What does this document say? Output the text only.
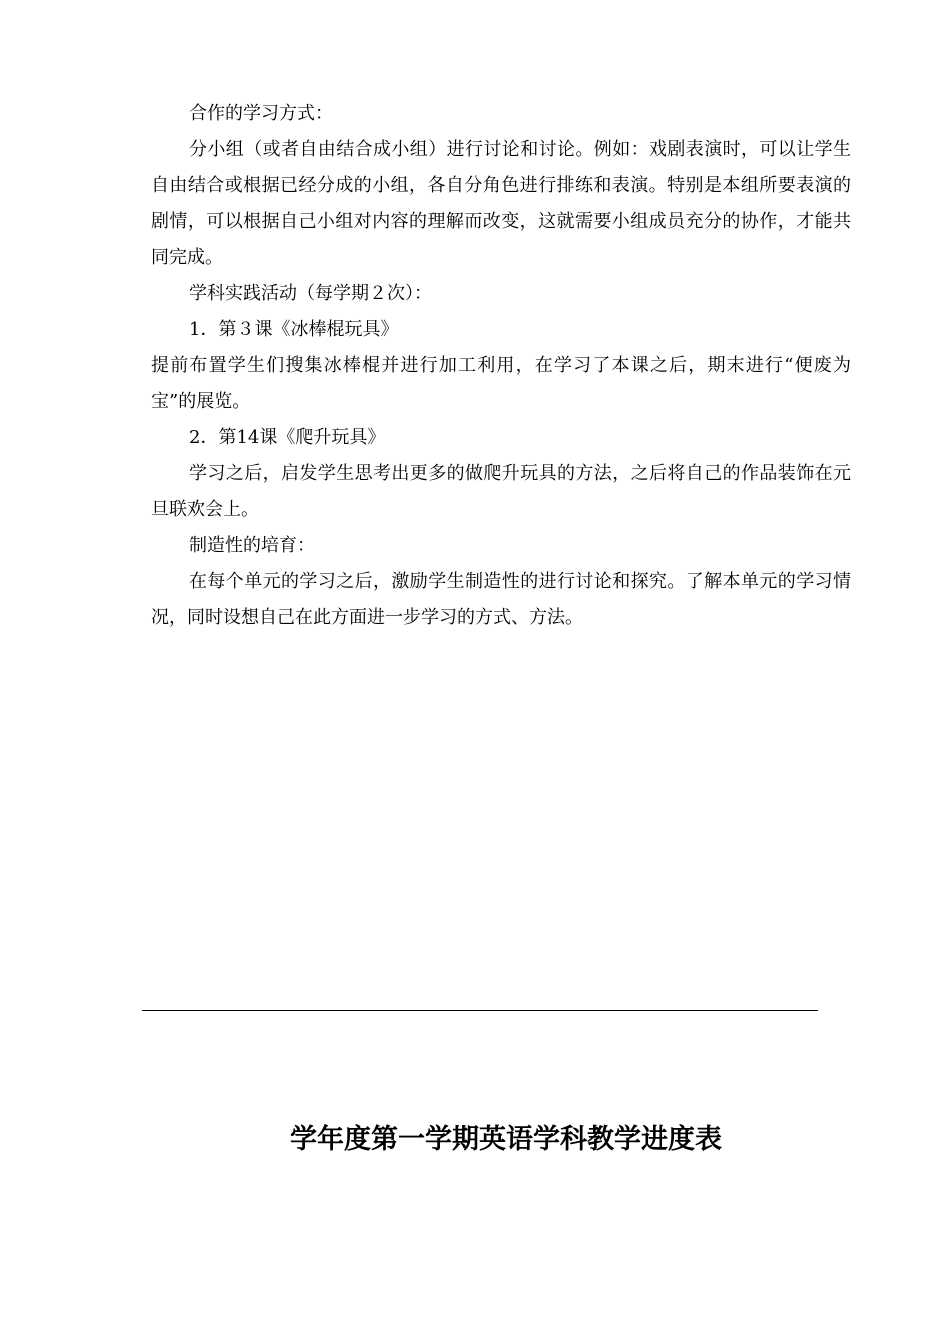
合作的学习方式：

分小组（或者自由结合成小组）进行讨论和讨论。例如：戏剧表演时，可以让学生自由结合或根据已经分成的小组，各自分角色进行排练和表演。特别是本组所要表演的剧情，可以根据自己小组对内容的理解而改变，这就需要小组成员充分的协作，才能共同完成。

学科实践活动（每学期２次）：

1．第３课《冰棒棍玩具》

提前布置学生们搜集冰棒棍并进行加工利用，在学习了本课之后，期末进行“便废为宝”的展览。

2．第14课《爬升玩具》

学习之后，启发学生思考出更多的做爬升玩具的方法，之后将自己的作品装饰在元旦联欢会上。

制造性的培育：

在每个单元的学习之后，激励学生制造性的进行讨论和探究。了解本单元的学习情况，同时设想自己在此方面进一步学习的方式、方法。

学年度第一学期英语学科教学进度表
